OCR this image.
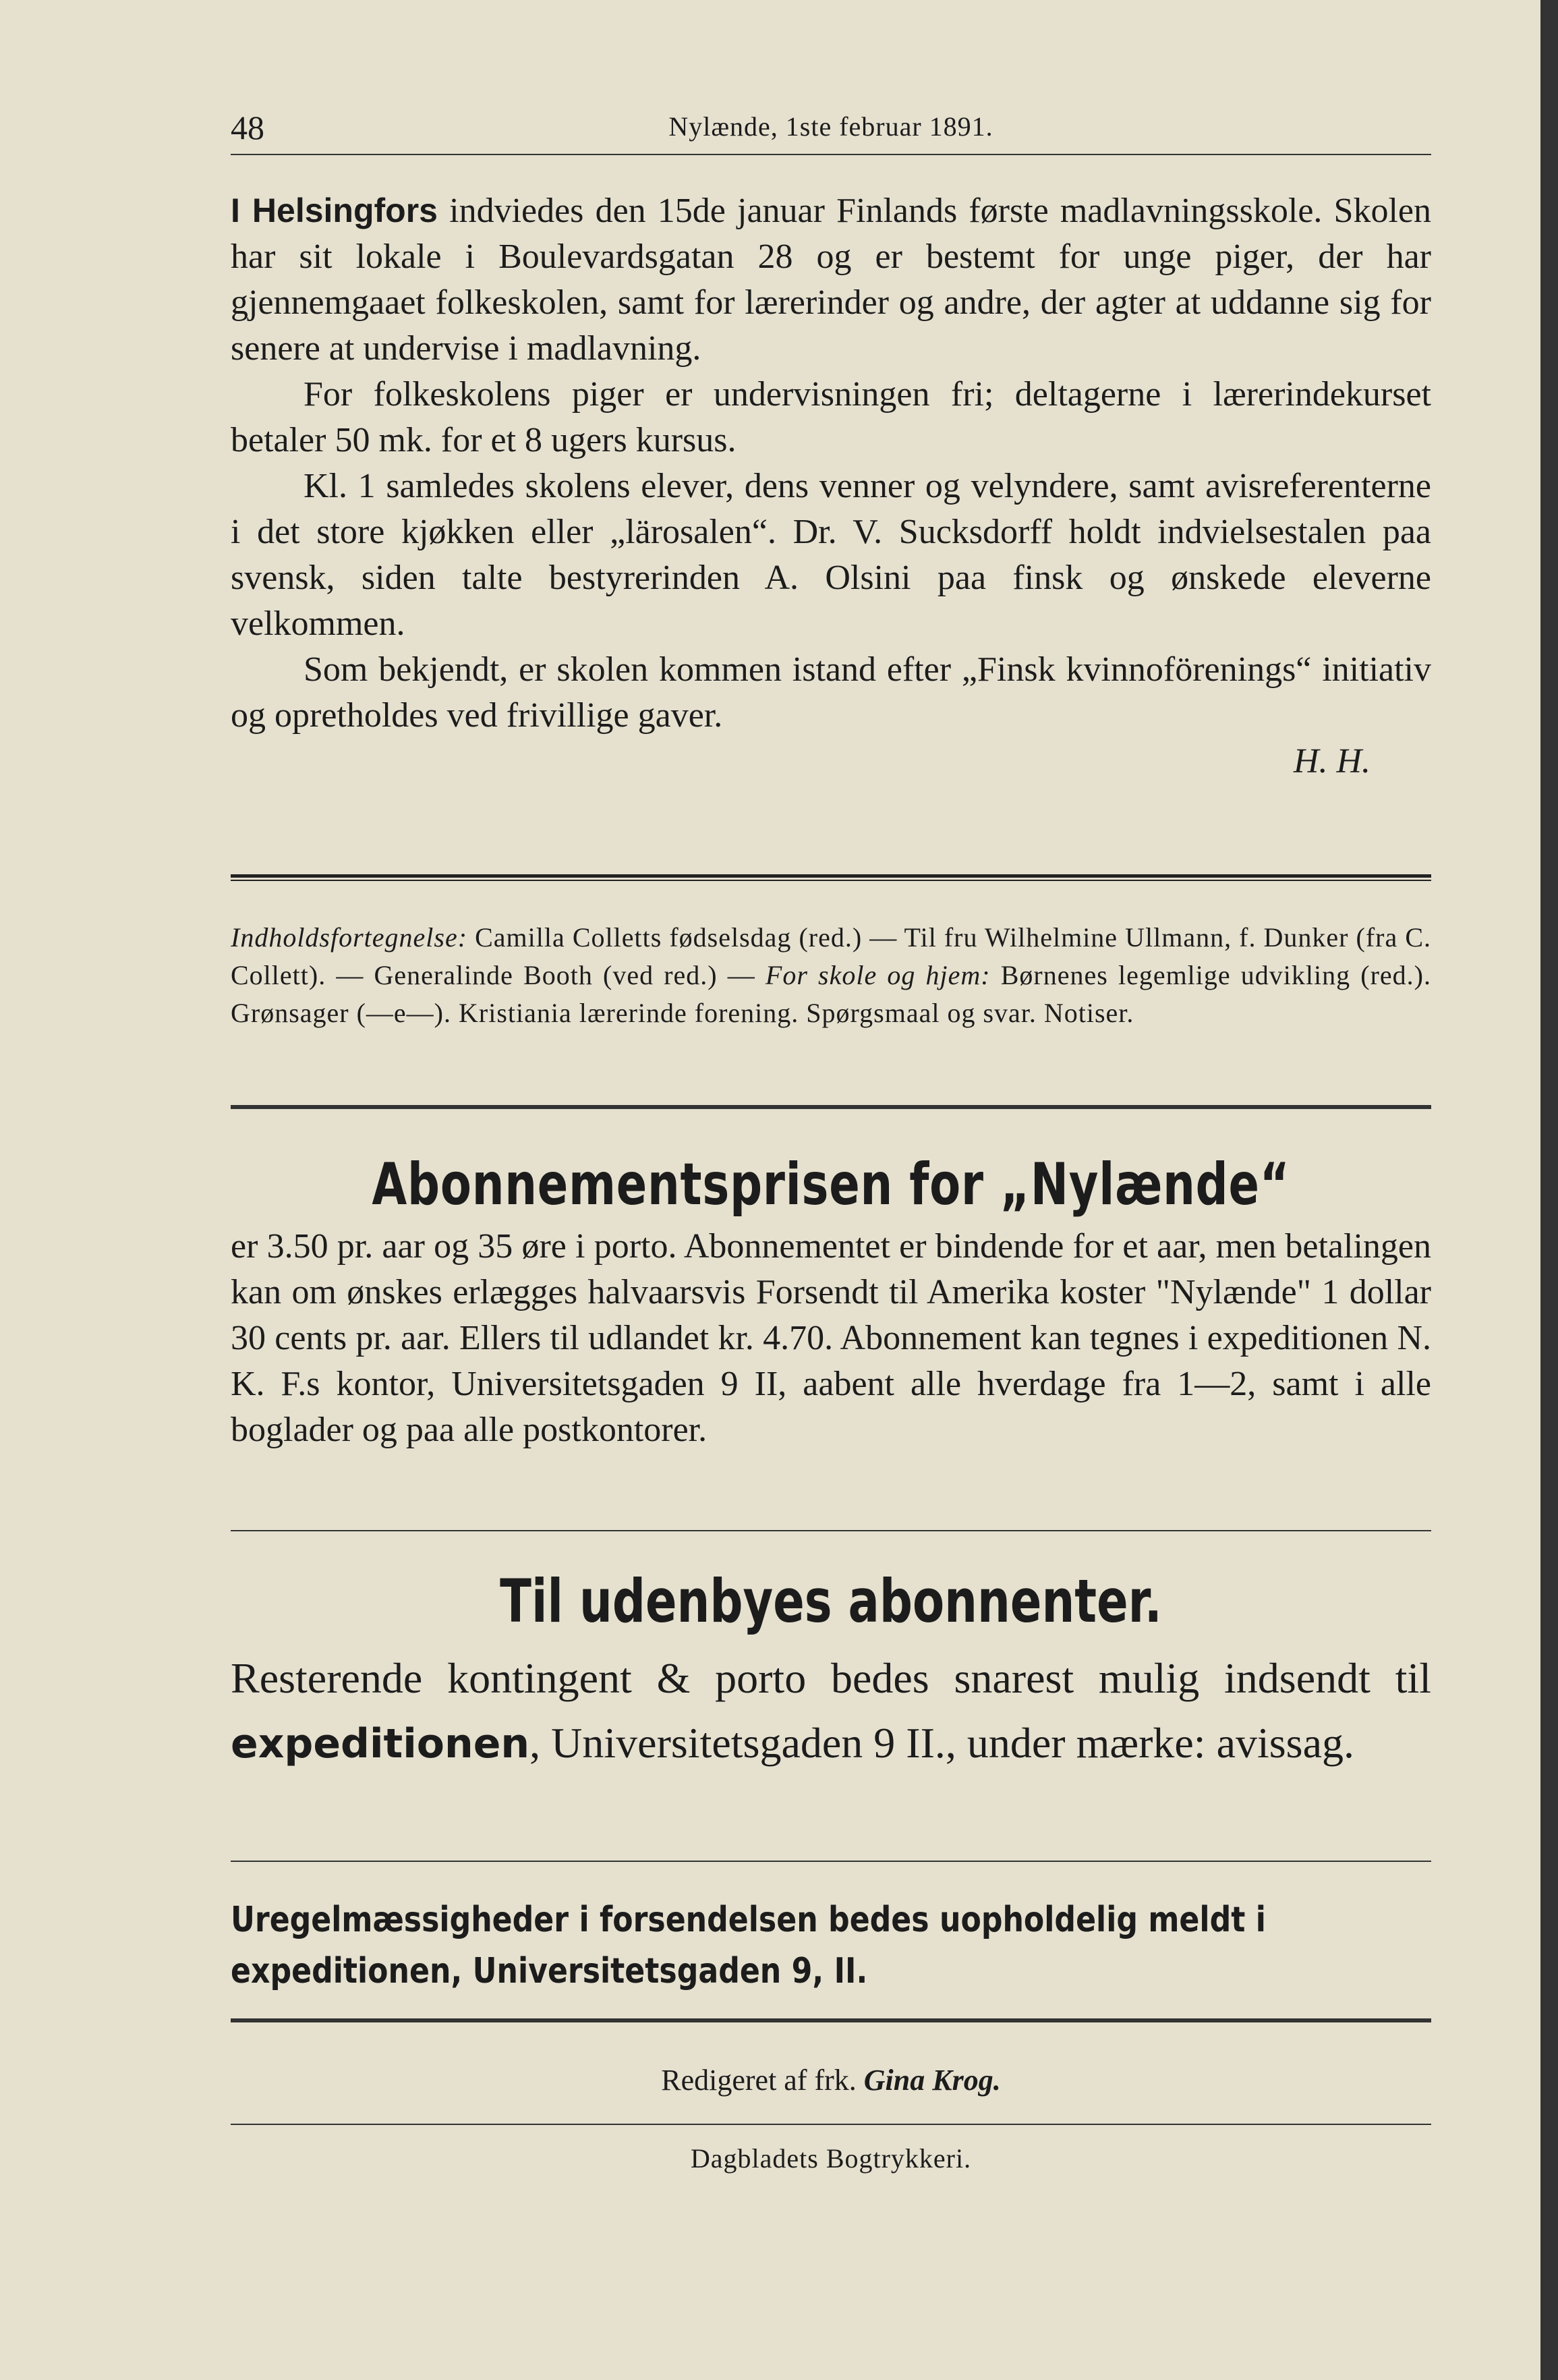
48	Nylænde, 1ste februar 1891.

I Helsingfors indviedes den 15de januar Finlands første madlavningsskole. Skolen har sit lokale i Boulevardsgatan 28 og er bestemt for unge piger, der har gjennemgaaet folkeskolen, samt for lærerinder og andre, der agter at uddanne sig for senere at undervise i madlavning.

For folkeskolens piger er undervisningen fri; deltagerne i lærerindekurset betaler 50 mk. for et 8 ugers kursus.

Kl. 1 samledes skolens elever, dens venner og velyndere, samt avisreferenterne i det store kjøkken eller „lärosalen“. Dr. V. Sucksdorff holdt indvielsestalen paa svensk, siden talte bestyrerinden A. Olsini paa finsk og ønskede eleverne velkommen.

Som bekjendt, er skolen kommen istand efter „Finsk kvinnoförenings“ initiativ og opretholdes ved frivillige gaver.

H. H.

Indholdsfortegnelse: Camilla Colletts fødselsdag (red.) — Til fru Wilhelmine Ullmann, f. Dunker (fra C. Collett). — Generalinde Booth (ved red.) — For skole og hjem: Børnenes legemlige udvikling (red.). Grønsager (—e—). Kristiania lærerinde forening. Spørgsmaal og svar. Notiser.
Abonnementsprisen for „Nylænde“
er 3.50 pr. aar og 35 øre i porto. Abonnementet er bindende for et aar, men betalingen kan om ønskes erlægges halvaarsvis Forsendt til Amerika koster "Nylænde" 1 dollar 30 cents pr. aar. Ellers til udlandet kr. 4.70. Abonnement kan tegnes i expeditionen N. K. F.s kontor, Universitetsgaden 9 II, aabent alle hverdage fra 1—2, samt i alle boglader og paa alle postkontorer.
Til udenbyes abonnenter.
Resterende kontingent & porto bedes snarest mulig indsendt til expeditionen, Universitetsgaden 9 II., under mærke: avissag.
Uregelmæssigheder i forsendelsen bedes uopholdelig meldt i expeditionen, Universitetsgaden 9, II.
Redigeret af frk. Gina Krog.
Dagbladets Bogtrykkeri.
